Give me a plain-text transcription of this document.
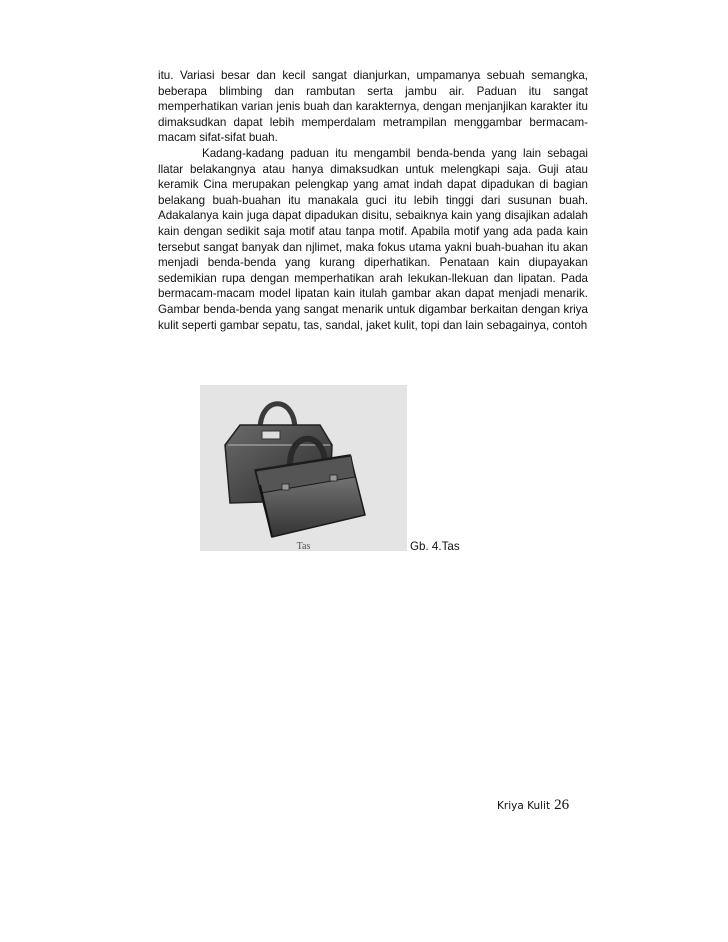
itu. Variasi besar dan kecil sangat dianjurkan, umpamanya sebuah semangka, beberapa blimbing dan rambutan serta jambu air. Paduan itu sangat memperhatikan varian jenis buah dan karakternya, dengan menjanjikan karakter itu dimaksudkan dapat lebih memperdalam metrampilan menggambar bermacam-macam sifat-sifat buah.

Kadang-kadang paduan itu mengambil benda-benda yang lain sebagai llatar belakangnya atau hanya dimaksudkan untuk melengkapi saja. Guji atau keramik Cina merupakan pelengkap yang amat indah dapat dipadukan di bagian belakang buah-buahan itu manakala guci itu lebih tinggi dari susunan buah. Adakalanya kain juga dapat dipadukan disitu, sebaiknya kain yang disajikan adalah kain dengan sedikit saja motif atau tanpa motif. Apabila motif yang ada pada kain tersebut sangat banyak dan njlimet, maka fokus utama yakni buah-buahan itu akan menjadi benda-benda yang kurang diperhatikan. Penataan kain diupayakan sedemikian rupa dengan memperhatikan arah lekukan-llekuan dan lipatan. Pada bermacam-macam model lipatan kain itulah gambar akan dapat menjadi menarik. Gambar benda-benda yang sangat menarik untuk digambar berkaitan dengan kriya kulit seperti gambar sepatu, tas, sandal, jaket kulit, topi dan lain sebagainya, contoh

Tas	Gb. 4.Tas
Kriya Kulit 26
